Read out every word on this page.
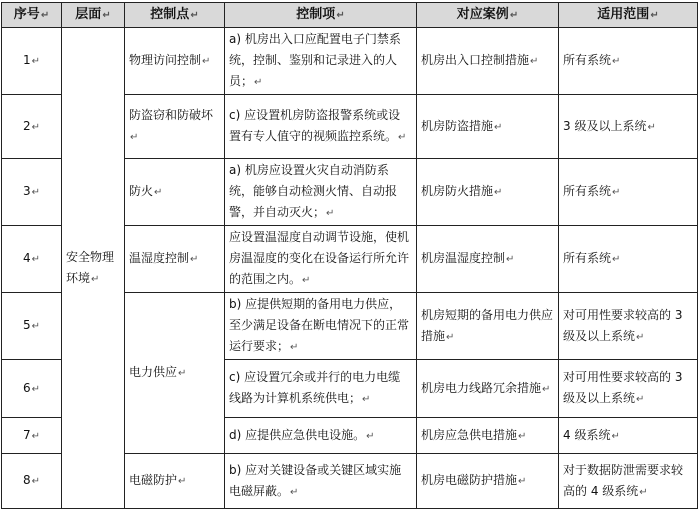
序号↵	层面↵	控制点↵	控制项↵	对应案例↵	适用范围↵
1↵	安全物理环境↵	物理访问控制↵	a) 机房出入口应配置电子门禁系统，控制、鉴别和记录进入的人员；↵	机房出入口控制措施↵	所有系统↵
2↵		防盗窃和防破坏↵	c) 应设置机房防盗报警系统或设置有专人值守的视频监控系统。↵	机房防盗措施↵	3 级及以上系统↵
3↵		防火↵	a) 机房应设置火灾自动消防系统，能够自动检测火情、自动报警，并自动灭火；↵	机房防火措施↵	所有系统↵
4↵		温湿度控制↵	应设置温湿度自动调节设施，使机房温湿度的变化在设备运行所允许的范围之内。↵	机房温湿度控制↵	所有系统↵
5↵		电力供应↵	b) 应提供短期的备用电力供应，至少满足设备在断电情况下的正常运行要求；↵	机房短期的备用电力供应措施↵	对可用性要求较高的 3 级及以上系统↵
6↵			c) 应设置冗余或并行的电力电缆线路为计算机系统供电；↵	机房电力线路冗余措施↵	对可用性要求较高的 3 级及以上系统↵
7↵			d) 应提供应急供电设施。↵	机房应急供电措施↵	4 级系统↵
8↵		电磁防护↵	b) 应对关键设备或关键区域实施电磁屏蔽。↵	机房电磁防护措施↵	对于数据防泄需要求较高的 4 级系统↵
